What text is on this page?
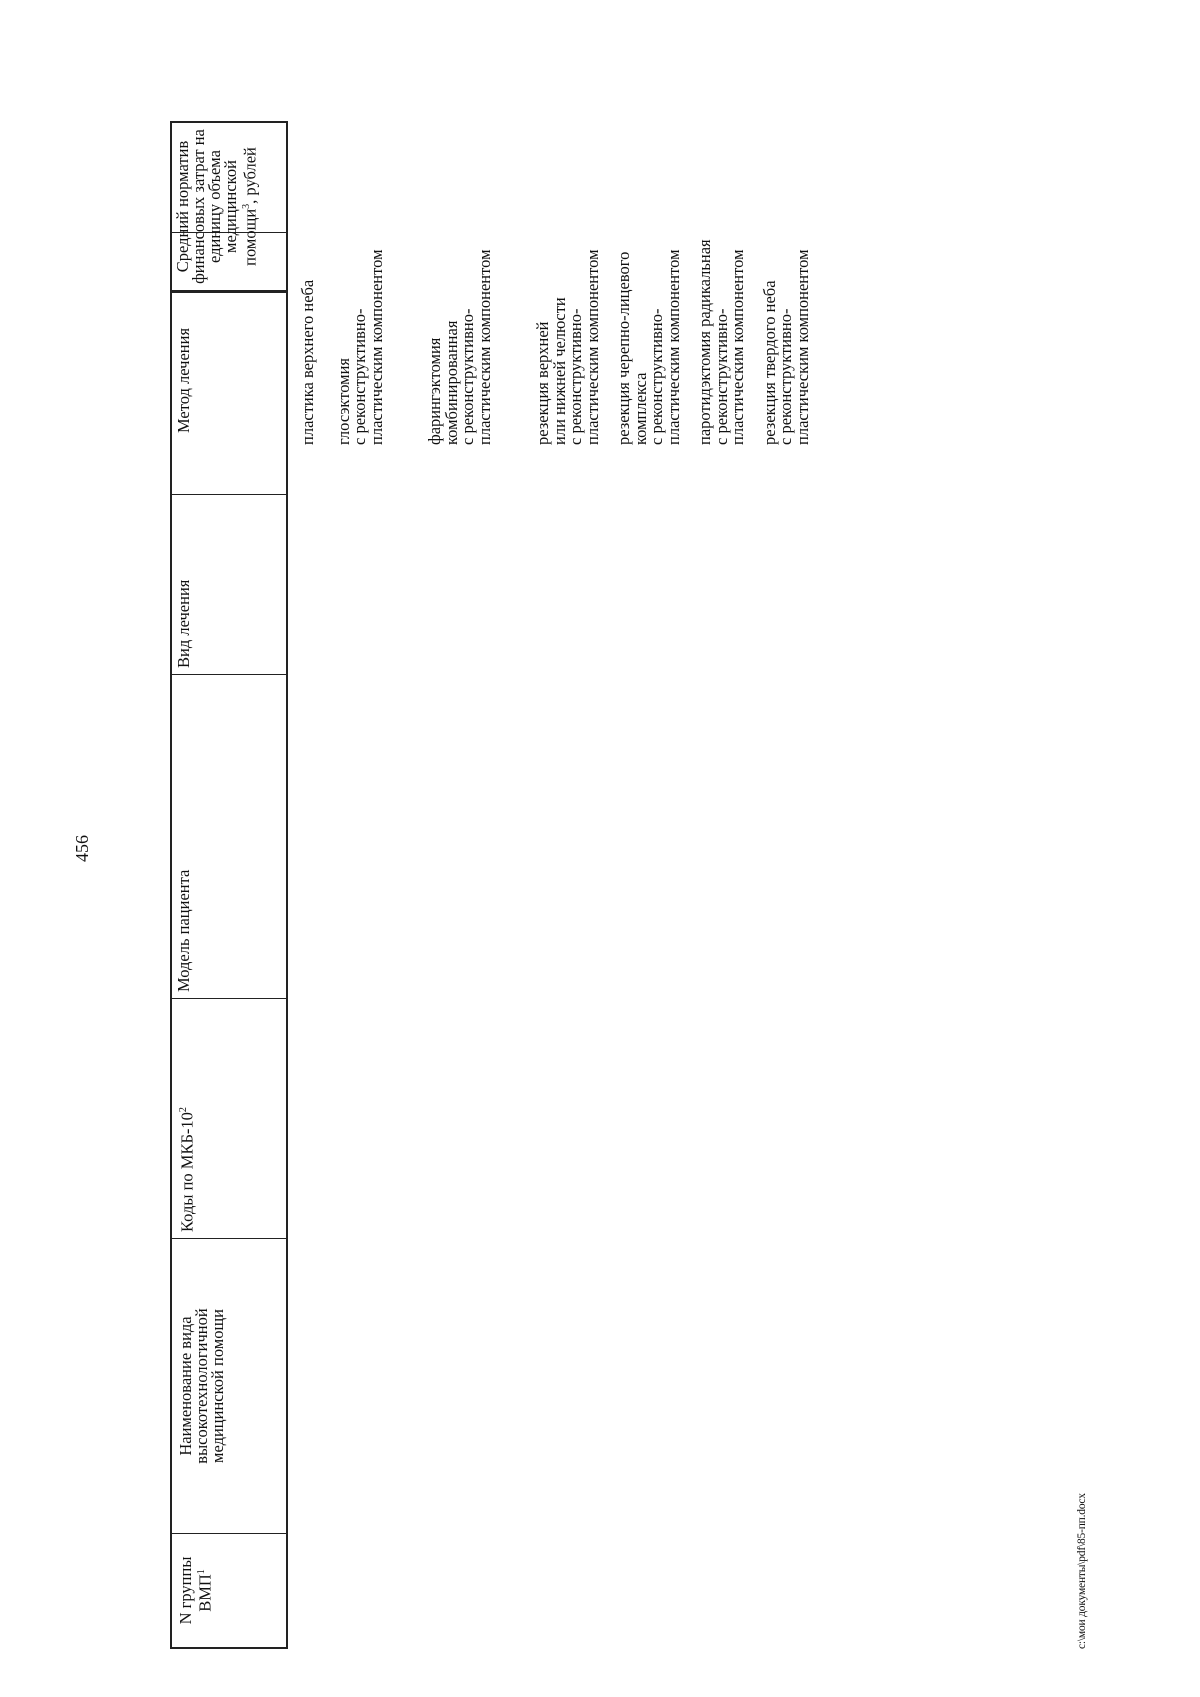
456
N группы ВМП$^1$
Наименование вида высокотехнологичной медицинской помощи
Коды по МКБ-$10^2$
Модель пациента
Вид лечения
Метод лечения
Средний норматив финансовых затрат на единицу объема медицинской помощи$^3$, рублей
пластика верхнего неба глосэктомия
с реконструктивно-
пластическим компонентом
фарингэктомия
комбинированная
с реконструктивно-
пластическим компонентом
резекция верхней
или нижней челюсти
с реконструктивно-
пластическим компонентом
резекция черепно-лицевого
комплекса
с реконструктивно-
пластическим компонентом
паротидэктомия радикальная
с реконструктивно-
пластическим компонентом
резекция твердого неба
с реконструктивно-
пластическим компонентом
c:\мои документы\pdf\85-пп.docx
